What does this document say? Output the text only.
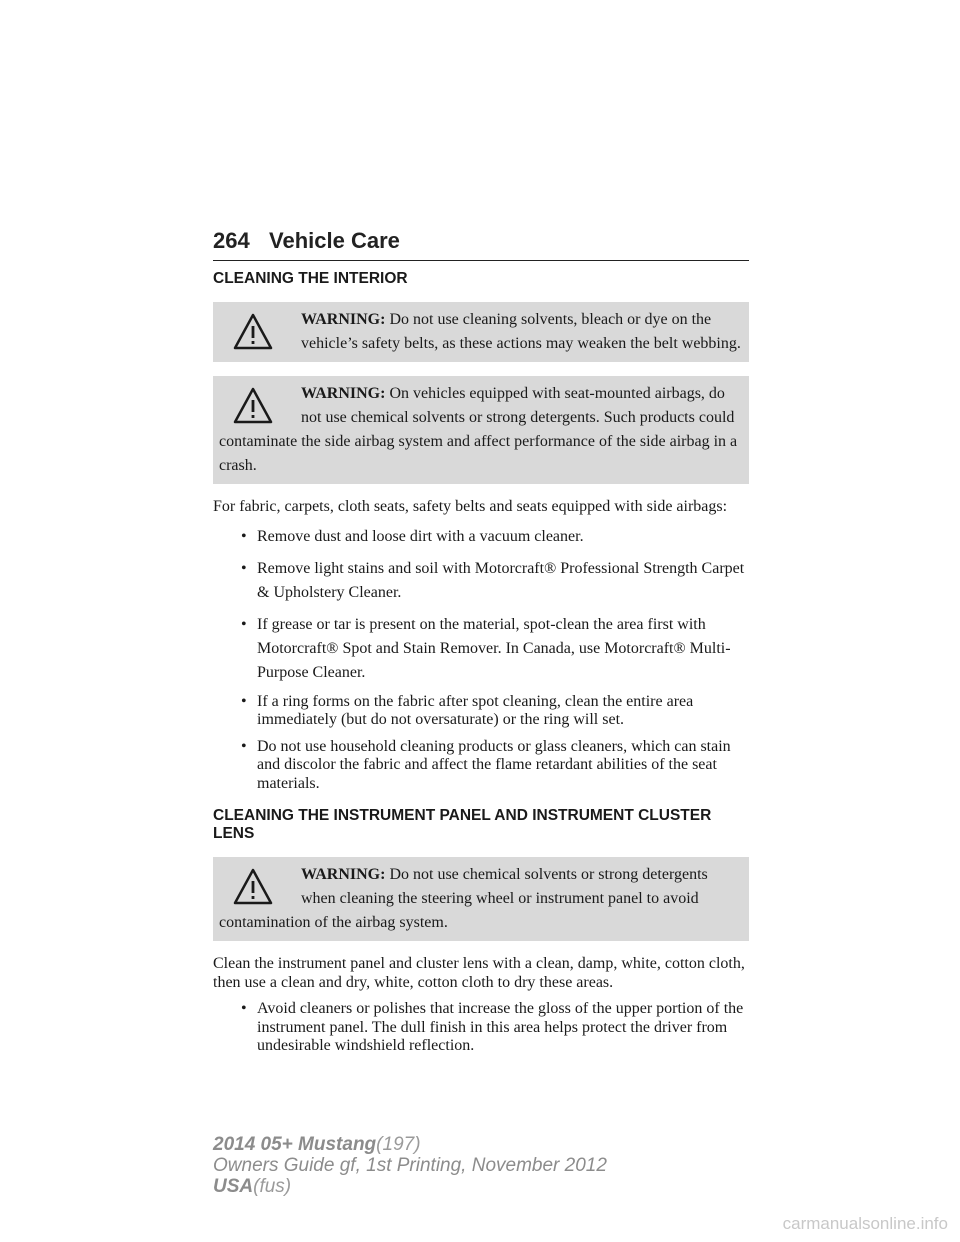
264 Vehicle Care
CLEANING THE INTERIOR
WARNING: Do not use cleaning solvents, bleach or dye on the vehicle’s safety belts, as these actions may weaken the belt webbing.
WARNING: On vehicles equipped with seat-mounted airbags, do not use chemical solvents or strong detergents. Such products could contaminate the side airbag system and affect performance of the side airbag in a crash.

For fabric, carpets, cloth seats, safety belts and seats equipped with side airbags:

• Remove dust and loose dirt with a vacuum cleaner.
• Remove light stains and soil with Motorcraft® Professional Strength Carpet & Upholstery Cleaner.
• If grease or tar is present on the material, spot-clean the area first with Motorcraft® Spot and Stain Remover. In Canada, use Motorcraft® Multi-Purpose Cleaner.
• If a ring forms on the fabric after spot cleaning, clean the entire area immediately (but do not oversaturate) or the ring will set.
• Do not use household cleaning products or glass cleaners, which can stain and discolor the fabric and affect the flame retardant abilities of the seat materials.
CLEANING THE INSTRUMENT PANEL AND INSTRUMENT CLUSTER LENS
WARNING: Do not use chemical solvents or strong detergents when cleaning the steering wheel or instrument panel to avoid contamination of the airbag system.

Clean the instrument panel and cluster lens with a clean, damp, white, cotton cloth, then use a clean and dry, white, cotton cloth to dry these areas.

• Avoid cleaners or polishes that increase the gloss of the upper portion of the instrument panel. The dull finish in this area helps protect the driver from undesirable windshield reflection.
2014 05+ Mustang(197)
Owners Guide gf, 1st Printing, November 2012
USA(fus)
carmanualsonline.info
